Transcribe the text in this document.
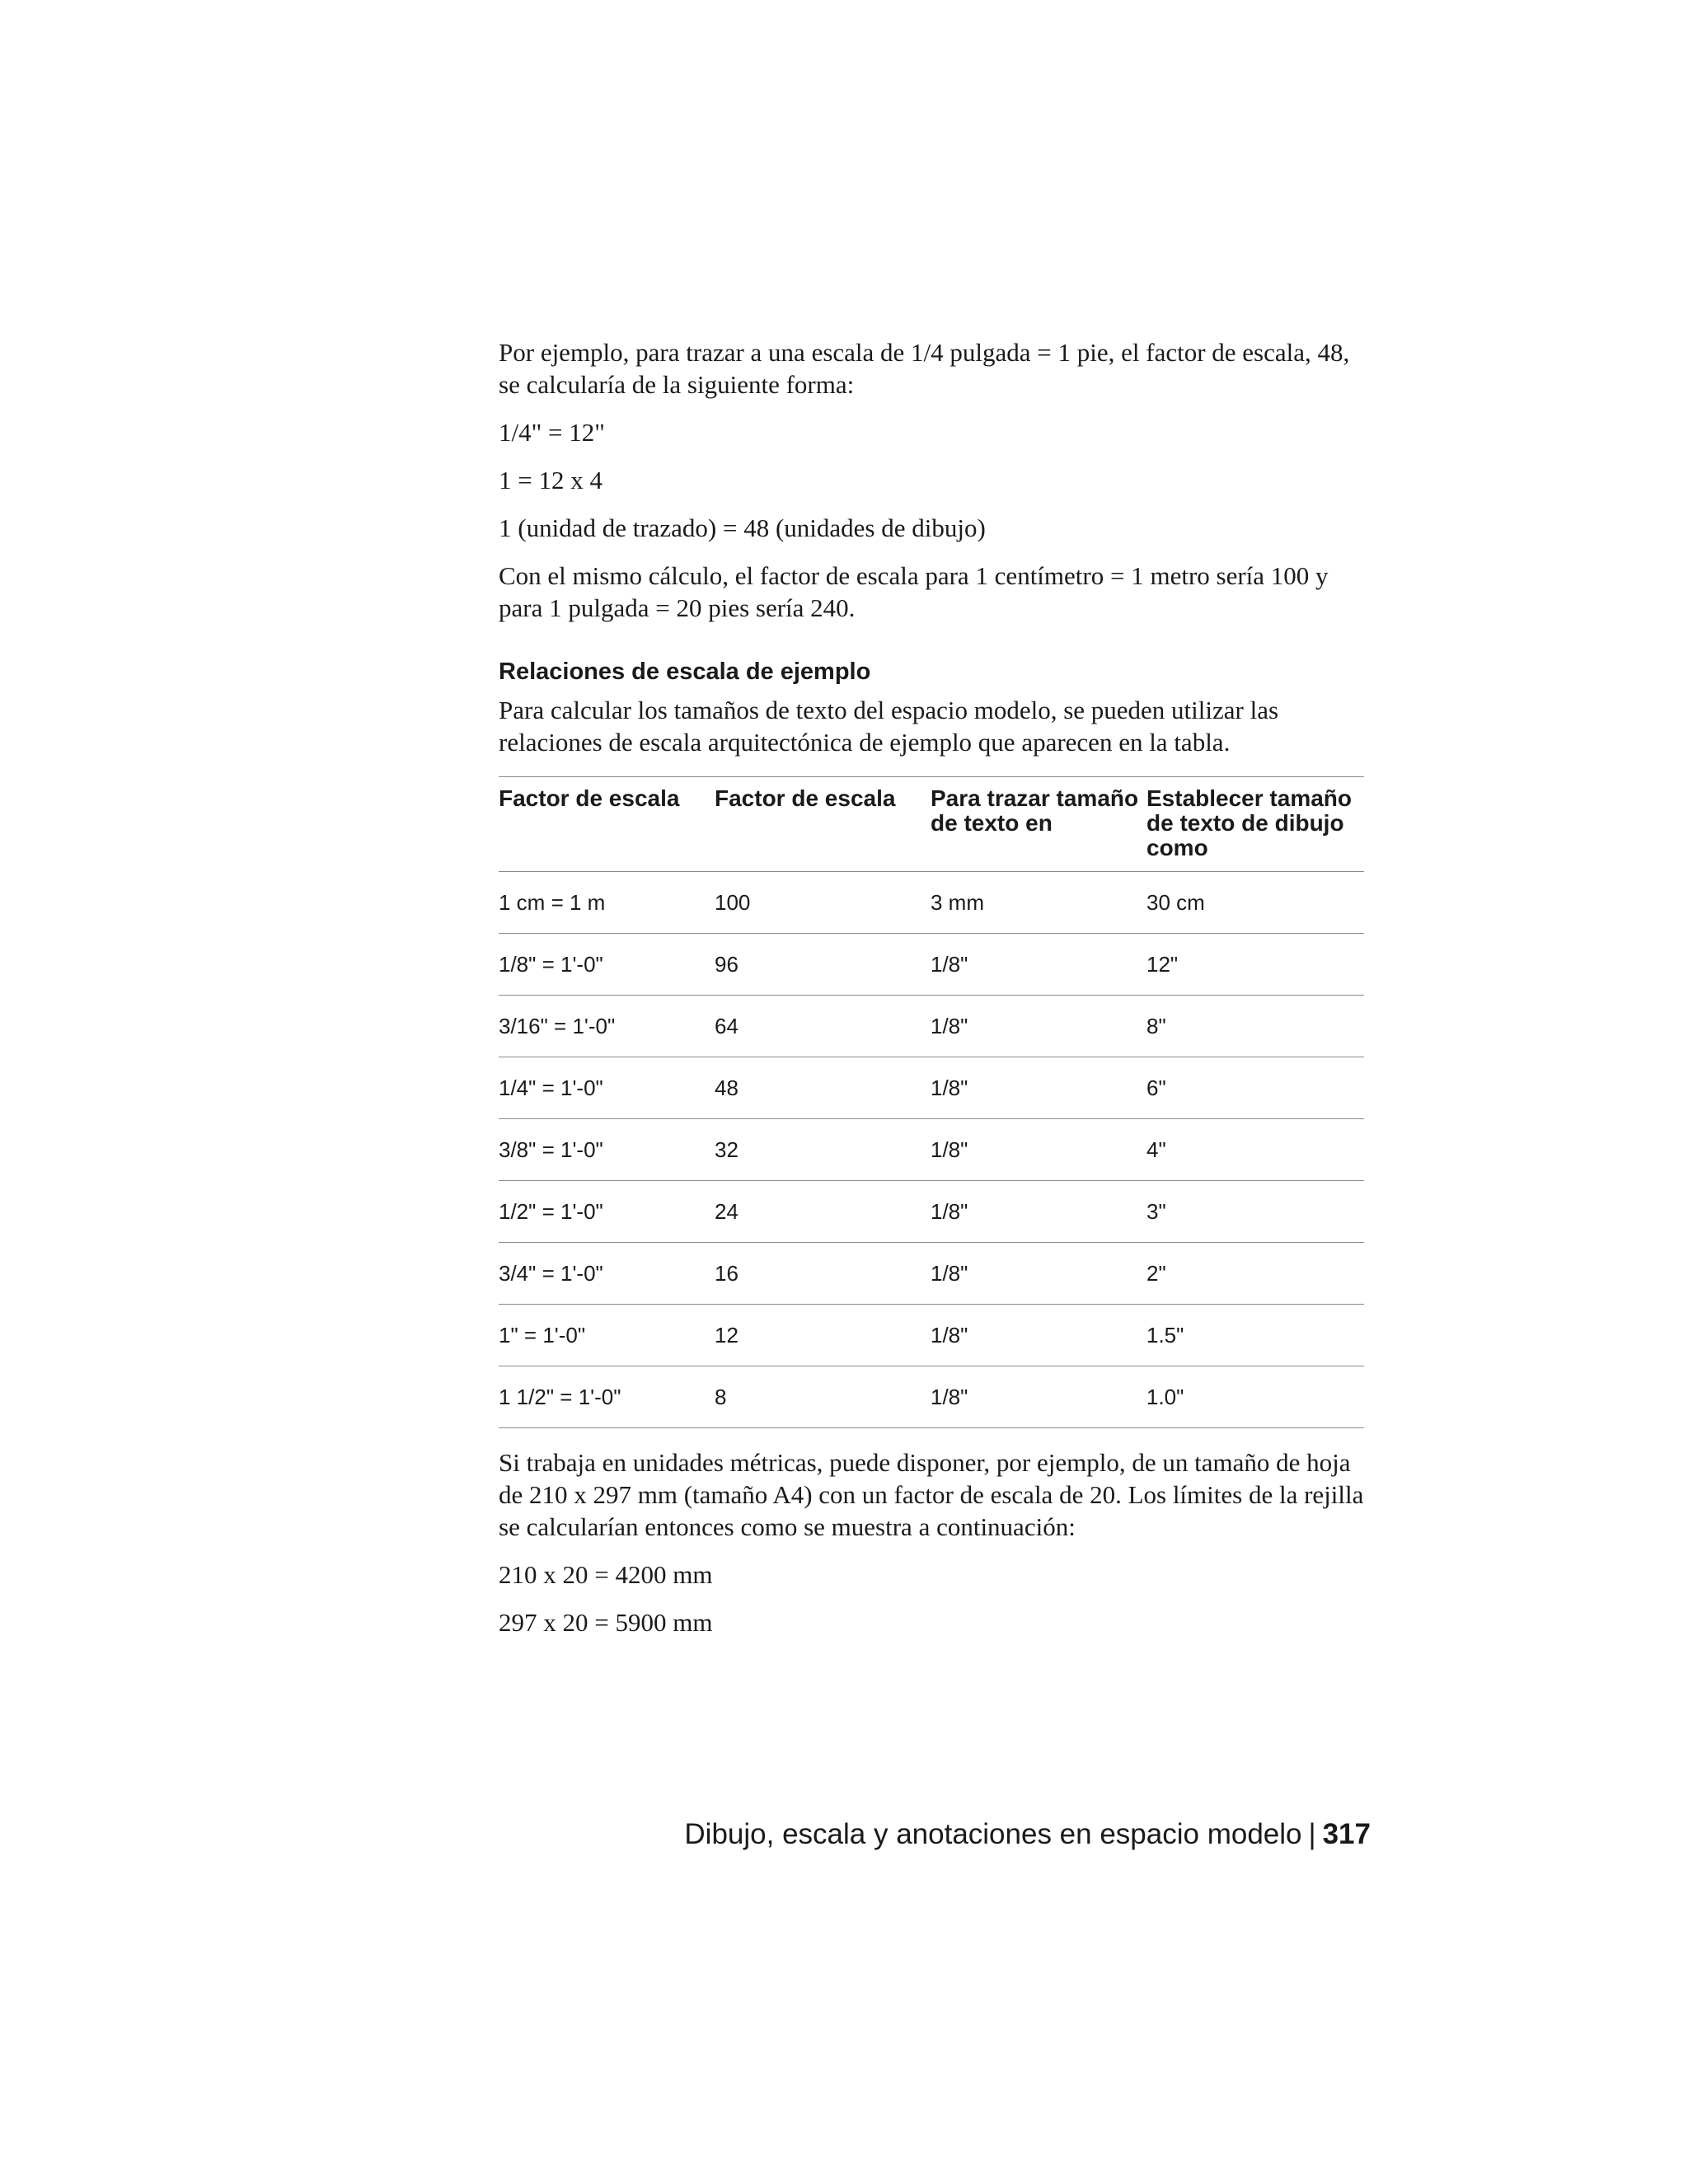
Por ejemplo, para trazar a una escala de 1/4 pulgada = 1 pie, el factor de escala, 48, se calcularía de la siguiente forma:

1/4" = 12"

1 = 12 x 4

1 (unidad de trazado) = 48 (unidades de dibujo)

Con el mismo cálculo, el factor de escala para 1 centímetro = 1 metro sería 100 y para 1 pulgada = 20 pies sería 240.

Relaciones de escala de ejemplo

Para calcular los tamaños de texto del espacio modelo, se pueden utilizar las relaciones de escala arquitectónica de ejemplo que aparecen en la tabla.

Factor de escala	Factor de escala	Para trazar tamaño de texto en	Establecer tamaño de texto de dibujo como
1 cm = 1 m	100	3 mm	30 cm
1/8" = 1'-0"	96	1/8"	12"
3/16" = 1'-0"	64	1/8"	8"
1/4" = 1'-0"	48	1/8"	6"
3/8" = 1'-0"	32	1/8"	4"
1/2" = 1'-0"	24	1/8"	3"
3/4" = 1'-0"	16	1/8"	2"
1" = 1'-0"	12	1/8"	1.5"
1 1/2" = 1'-0"	8	1/8"	1.0"

Si trabaja en unidades métricas, puede disponer, por ejemplo, de un tamaño de hoja de 210 x 297 mm (tamaño A4) con un factor de escala de 20. Los límites de la rejilla se calcularían entonces como se muestra a continuación:

210 x 20 = 4200 mm

297 x 20 = 5900 mm

Dibujo, escala y anotaciones en espacio modelo | 317
